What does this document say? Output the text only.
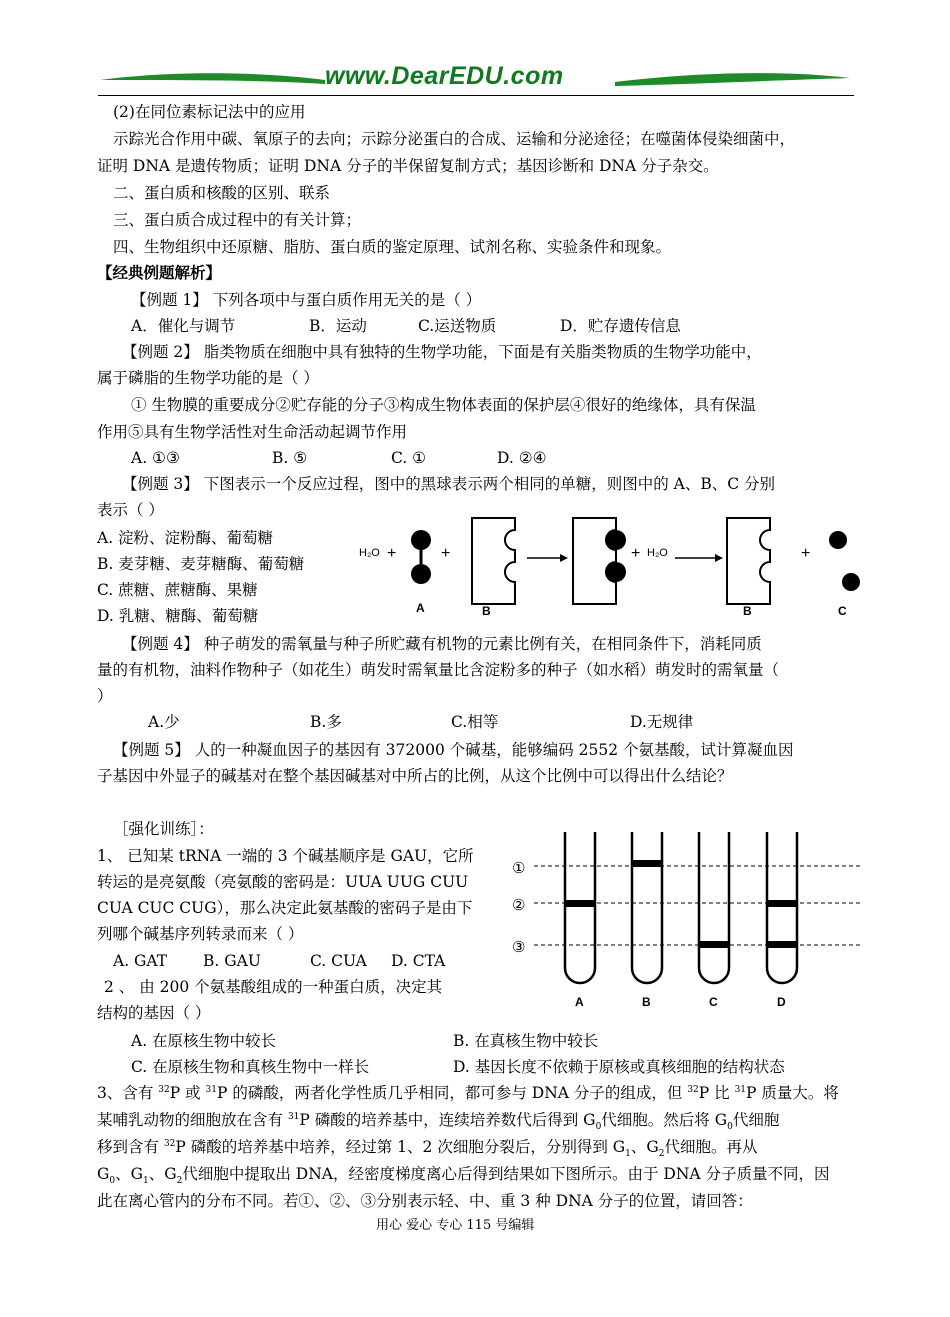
www.DearEDU.com
(2)在同位素标记法中的应用
示踪光合作用中碳、氧原子的去向；示踪分泌蛋白的合成、运输和分泌途径；在噬菌体侵染细菌中，
证明 DNA 是遗传物质；证明 DNA 分子的半保留复制方式；基因诊断和 DNA 分子杂交。
二、蛋白质和核酸的区别、联系
三、蛋白质合成过程中的有关计算；
四、生物组织中还原糖、脂肪、蛋白质的鉴定原理、试剂名称、实验条件和现象。
【经典例题解析】
【例题 1】 下列各项中与蛋白质作用无关的是（ ）
A．催化与调节	B．运动	C.运送物质	D．贮存遗传信息
【例题 2】 脂类物质在细胞中具有独特的生物学功能，下面是有关脂类物质的生物学功能中，
属于磷脂的生物学功能的是（ ）
① 生物膜的重要成分②贮存能的分子③构成生物体表面的保护层④很好的绝缘体，具有保温
作用⑤具有生物学活性对生命活动起调节作用
A. ①③	B. ⑤	C. ①	D. ②④
【例题 3】 下图表示一个反应过程，图中的黑球表示两个相同的单糖，则图中的 A、B、C 分别
表示（ ）
A. 淀粉、淀粉酶、葡萄糖
B. 麦芽糖、麦芽糖酶、葡萄糖
C. 蔗糖、蔗糖酶、果糖
D. 乳糖、糖酶、葡萄糖
H₂O +
A
+
B
+ H₂O
B
+
C
【例题 4】 种子萌发的需氧量与种子所贮藏有机物的元素比例有关，在相同条件下，消耗同质
量的有机物，油料作物种子（如花生）萌发时需氧量比含淀粉多的种子（如水稻）萌发时的需氧量（
）
A.少	B.多	C.相等	D.无规律
【例题 5】 人的一种凝血因子的基因有 372000 个碱基，能够编码 2552 个氨基酸，试计算凝血因
子基因中外显子的碱基对在整个基因碱基对中所占的比例，从这个比例中可以得出什么结论？
［强化训练］：
1、 已知某 tRNA 一端的 3 个碱基顺序是 GAU，它所
转运的是亮氨酸（亮氨酸的密码是：UUA UUG CUU
CUA CUC CUG），那么决定此氨基酸的密码子是由下
列哪个碱基序列转录而来（ ）
A. GAT B. GAU	C. CUA D. CTA
2 、 由 200 个氨基酸组成的一种蛋白质，决定其
结构的基因（ ）
①
②
③
A	B	C	D
A. 在原核生物中较长	B. 在真核生物中较长
C. 在原核生物和真核生物中一样长	D. 基因长度不依赖于原核或真核细胞的结构状态
3、含有 $^{32}$P 或 $^{31}$P 的磷酸，两者化学性质几乎相同，都可参与 DNA 分子的组成，但 $^{32}$P 比 $^{31}$P 质量大。将
某哺乳动物的细胞放在含有 $^{31}$P 磷酸的培养基中，连续培养数代后得到 $G_0$代细胞。然后将 $G_0$代细胞
移到含有 $^{32}$P 磷酸的培养基中培养，经过第 1、2 次细胞分裂后，分别得到 $G_1$、$G_2$代细胞。再从
$G_0$、$G_1$、$G_2$代细胞中提取出 DNA，经密度梯度离心后得到结果如下图所示。由于 DNA 分子质量不同，因
此在离心管内的分布不同。若①、②、③分别表示轻、中、重 3 种 DNA 分子的位置，请回答：
用心 爱心 专心 115 号编辑
